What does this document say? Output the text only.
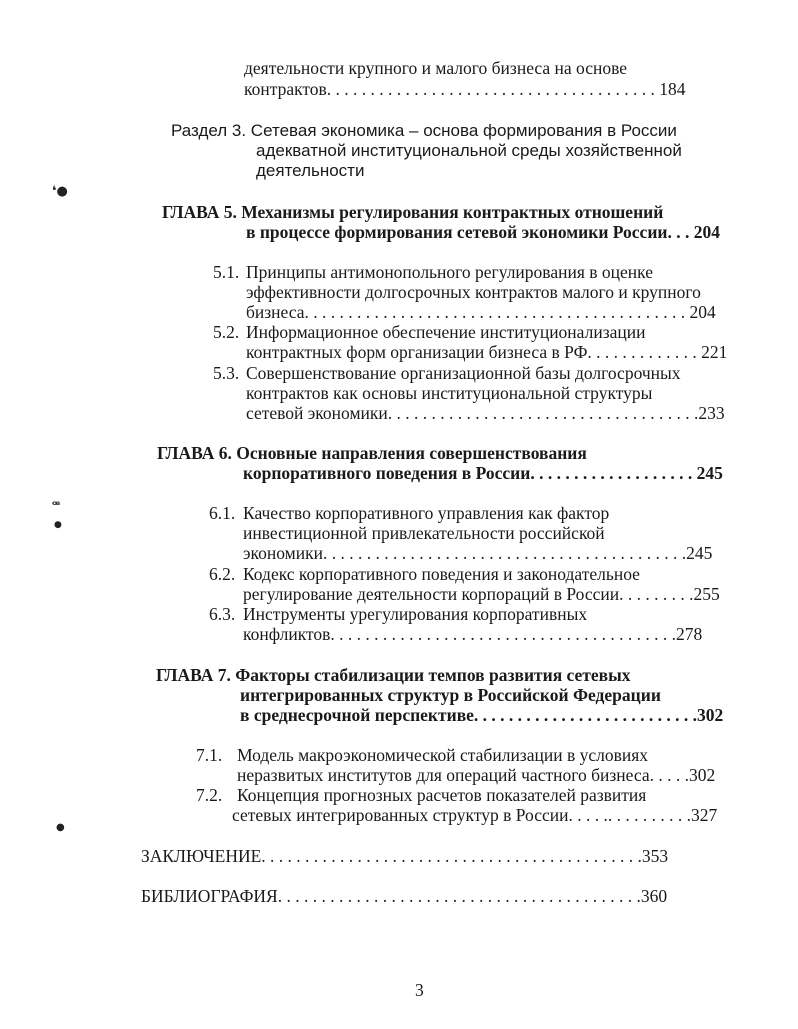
деятельности крупного и малого бизнеса на основе
контрактов. . . . . . . . . . . . . . . . . . . . . . . . . . . . . . . . . . . . . . 184
Раздел 3. Сетевая экономика – основа формирования в России
адекватной институциональной среды хозяйственной
деятельности
ГЛАВА 5. Механизмы регулирования контрактных отношений
в процессе формирования сетевой экономики России. . . 204
5.1. Принципы антимонопольного регулирования в оценке
эффективности долгосрочных контрактов малого и крупного
бизнеса. . . . . . . . . . . . . . . . . . . . . . . . . . . . . . . . . . . . . . . . . . . . 204
5.2. Информационное обеспечение институционализации
контрактных форм организации бизнеса в РФ. . . . . . . . . . . . . 221
5.3. Совершенствование организационной базы долгосрочных
контрактов как основы институциональной структуры
сетевой экономики. . . . . . . . . . . . . . . . . . . . . . . . . . . . . . . . . . . .233
ГЛАВА 6. Основные направления совершенствования
корпоративного поведения в России. . . . . . . . . . . . . . . . . . . 245
6.1. Качество корпоративного управления как фактор
инвестиционной привлекательности российской
экономики. . . . . . . . . . . . . . . . . . . . . . . . . . . . . . . . . . . . . . . . . .245
6.2. Кодекс корпоративного поведения и законодательное
регулирование деятельности корпораций в России. . . . . . . . .255
6.3. Инструменты урегулирования корпоративных
конфликтов. . . . . . . . . . . . . . . . . . . . . . . . . . . . . . . . . . . . . . . .278
ГЛАВА 7. Факторы стабилизации темпов развития сетевых
интегрированных структур в Российской Федерации
в среднесрочной перспективе. . . . . . . . . . . . . . . . . . . . . . . . . .302
7.1. Модель макроэкономической стабилизации в условиях
неразвитых институтов для операций частного бизнеса. . . . .302
7.2. Концепция прогнозных расчетов показателей развития
сетевых интегрированных структур в России. . . . .. . . . . . . . . .327
ЗАКЛЮЧЕНИЕ. . . . . . . . . . . . . . . . . . . . . . . . . . . . . . . . . . . . . . . . . . . .353
БИБЛИОГРАФИЯ. . . . . . . . . . . . . . . . . . . . . . . . . . . . . . . . . . . . . . . . . .360
3
❛●
ꟹ
●
●
